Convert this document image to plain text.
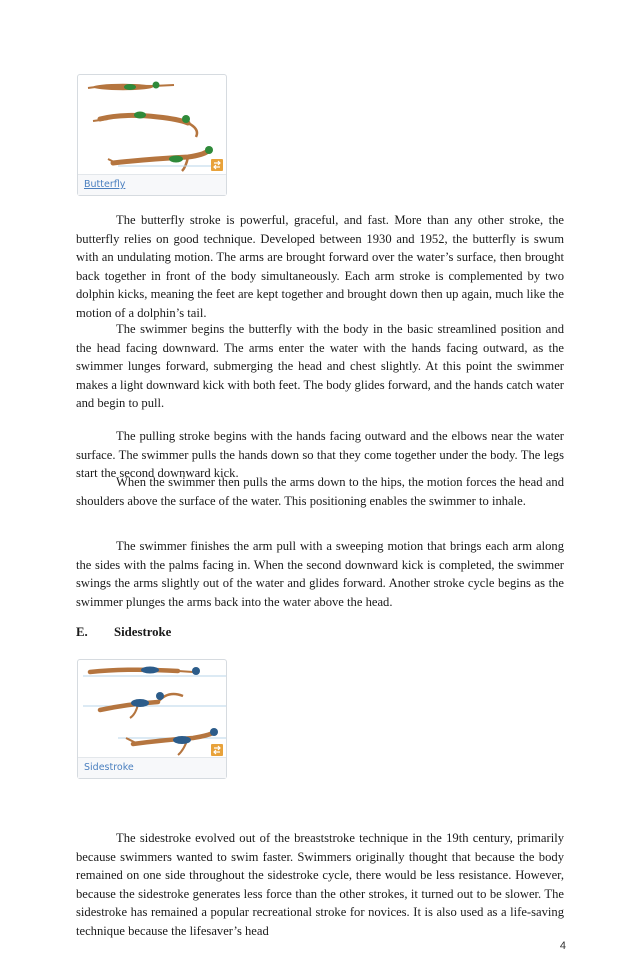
Butterfly

The butterfly stroke is powerful, graceful, and fast. More than any other stroke, the butterfly relies on good technique. Developed between 1930 and 1952, the butterfly is swum with an undulating motion. The arms are brought forward over the water’s surface, then brought back together in front of the body simultaneously. Each arm stroke is complemented by two dolphin kicks, meaning the feet are kept together and brought down then up again, much like the motion of a dolphin’s tail.

The swimmer begins the butterfly with the body in the basic streamlined position and the head facing downward. The arms enter the water with the hands facing outward, as the swimmer lunges forward, submerging the head and chest slightly. At this point the swimmer makes a light downward kick with both feet. The body glides forward, and the hands catch water and begin to pull.

The pulling stroke begins with the hands facing outward and the elbows near the water surface. The swimmer pulls the hands down so that they come together under the body. The legs start the second downward kick.

When the swimmer then pulls the arms down to the hips, the motion forces the head and shoulders above the surface of the water. This positioning enables the swimmer to inhale.

The swimmer finishes the arm pull with a sweeping motion that brings each arm along the sides with the palms facing in. When the second downward kick is completed, the swimmer swings the arms slightly out of the water and glides forward. Another stroke cycle begins as the swimmer plunges the arms back into the water above the head.

E. Sidestroke
Sidestroke

The sidestroke evolved out of the breaststroke technique in the 19th century, primarily because swimmers wanted to swim faster. Swimmers originally thought that because the body remained on one side throughout the sidestroke cycle, there would be less resistance. However, because the sidestroke generates less force than the other strokes, it turned out to be slower. The sidestroke has remained a popular recreational stroke for novices. It is also used as a life-saving technique because the lifesaver’s head

4
